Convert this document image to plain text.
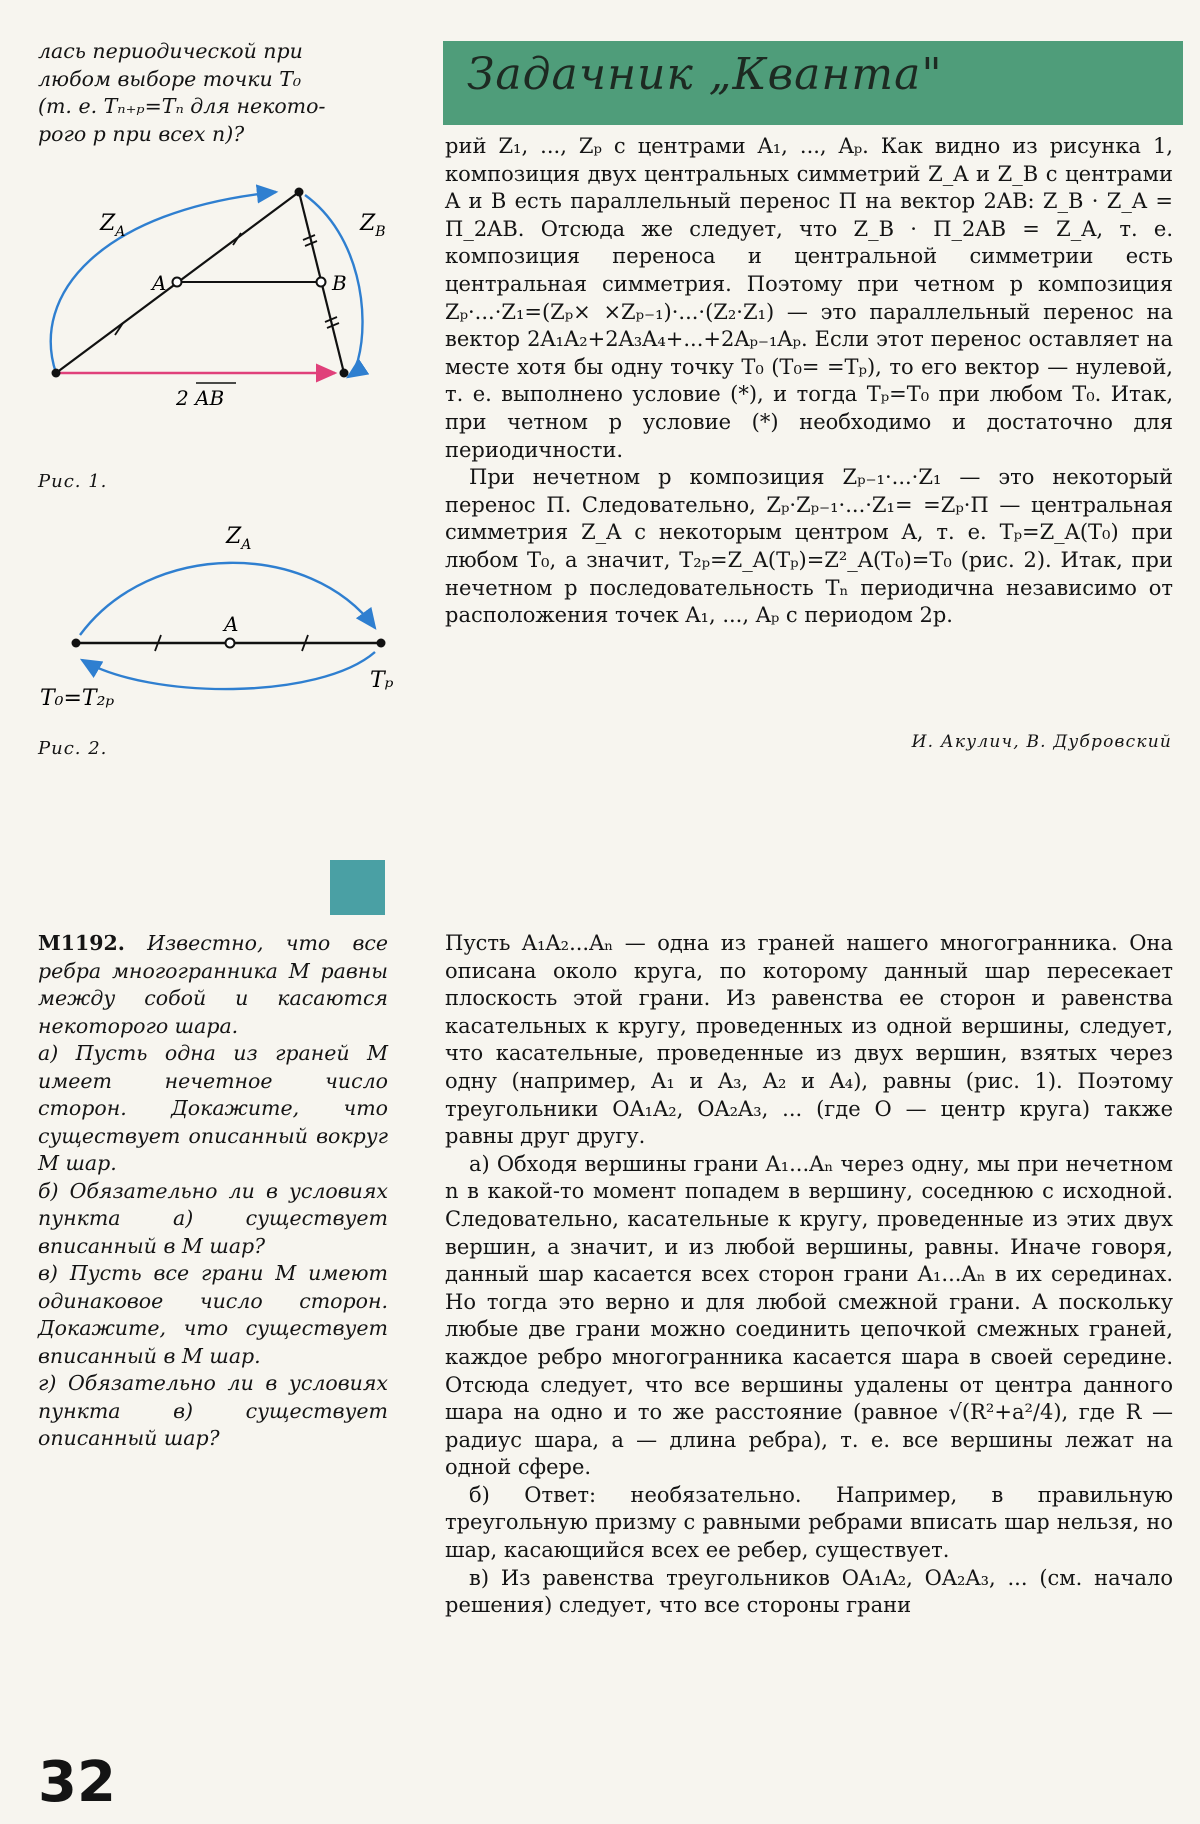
лась периодической при
любом выборе точки T₀
(т. е. Tₙ₊ₚ=Tₙ для некото-
рого p при всех n)?
Задачник „Кванта"
$Z_A$	$Z_B$
A	B
2 AB
Рис. 1.
$Z_A$
A
T₀=T₂ₚ
Tₚ
Рис. 2.

рий Z₁, ..., Zₚ с центрами A₁, ..., Aₚ. Как видно из рисунка 1, композиция двух центральных симметрий Z_A и Z_B с центрами A и B есть параллельный перенос Π на вектор 2AB: Z_B · Z_A = Π_2AB. Отсюда же следует, что Z_B · Π_2AB = Z_A, т. е. композиция переноса и центральной симметрии есть центральная симметрия. Поэтому при четном p композиция Zₚ·...·Z₁=(Zₚ× ×Zₚ₋₁)·...·(Z₂·Z₁) — это параллельный перенос на вектор 2A₁A₂+2A₃A₄+...+2Aₚ₋₁Aₚ. Если этот перенос оставляет на месте хотя бы одну точку T₀ (T₀= =Tₚ), то его вектор — нулевой, т. е. выполнено условие (*), и тогда Tₚ=T₀ при любом T₀. Итак, при четном p условие (*) необходимо и достаточно для периодичности.

При нечетном p композиция Zₚ₋₁·...·Z₁ — это некоторый перенос Π. Следовательно, Zₚ·Zₚ₋₁·...·Z₁= =Zₚ·Π — центральная симметрия Z_A с некоторым центром A, т. е. Tₚ=Z_A(T₀) при любом T₀, а значит, T₂ₚ=Z_A(Tₚ)=Z²_A(T₀)=T₀ (рис. 2). Итак, при нечетном p последовательность Tₙ периодична независимо от расположения точек A₁, ..., Aₚ с периодом 2p.

И. Акулич, В. Дубровский
М1192. Известно, что все ребра многогранника M равны между собой и касаются некоторого шара.
а) Пусть одна из граней M имеет нечетное число сторон. Докажите, что существует описанный вокруг M шар.
б) Обязательно ли в условиях пункта а) существует вписанный в M шар?
в) Пусть все грани M имеют одинаковое число сторон. Докажите, что существует вписанный в M шар.
г) Обязательно ли в условиях пункта в) существует описанный шар?

Пусть A₁A₂...Aₙ — одна из граней нашего многогранника. Она описана около круга, по которому данный шар пересекает плоскость этой грани. Из равенства ее сторон и равенства касательных к кругу, проведенных из одной вершины, следует, что касательные, проведенные из двух вершин, взятых через одну (например, A₁ и A₃, A₂ и A₄), равны (рис. 1). Поэтому треугольники OA₁A₂, OA₂A₃, ... (где O — центр круга) также равны друг другу.

а) Обходя вершины грани A₁...Aₙ через одну, мы при нечетном n в какой-то момент попадем в вершину, соседнюю с исходной. Следовательно, касательные к кругу, проведенные из этих двух вершин, а значит, и из любой вершины, равны. Иначе говоря, данный шар касается всех сторон грани A₁...Aₙ в их серединах. Но тогда это верно и для любой смежной грани. А поскольку любые две грани можно соединить цепочкой смежных граней, каждое ребро многогранника касается шара в своей середине. Отсюда следует, что все вершины удалены от центра данного шара на одно и то же расстояние (равное √(R²+a²/4), где R — радиус шара, a — длина ребра), т. е. все вершины лежат на одной сфере.

б) Ответ: необязательно. Например, в правильную треугольную призму с равными ребрами вписать шар нельзя, но шар, касающийся всех ее ребер, существует.

в) Из равенства треугольников OA₁A₂, OA₂A₃, ... (см. начало решения) следует, что все стороны грани

32
